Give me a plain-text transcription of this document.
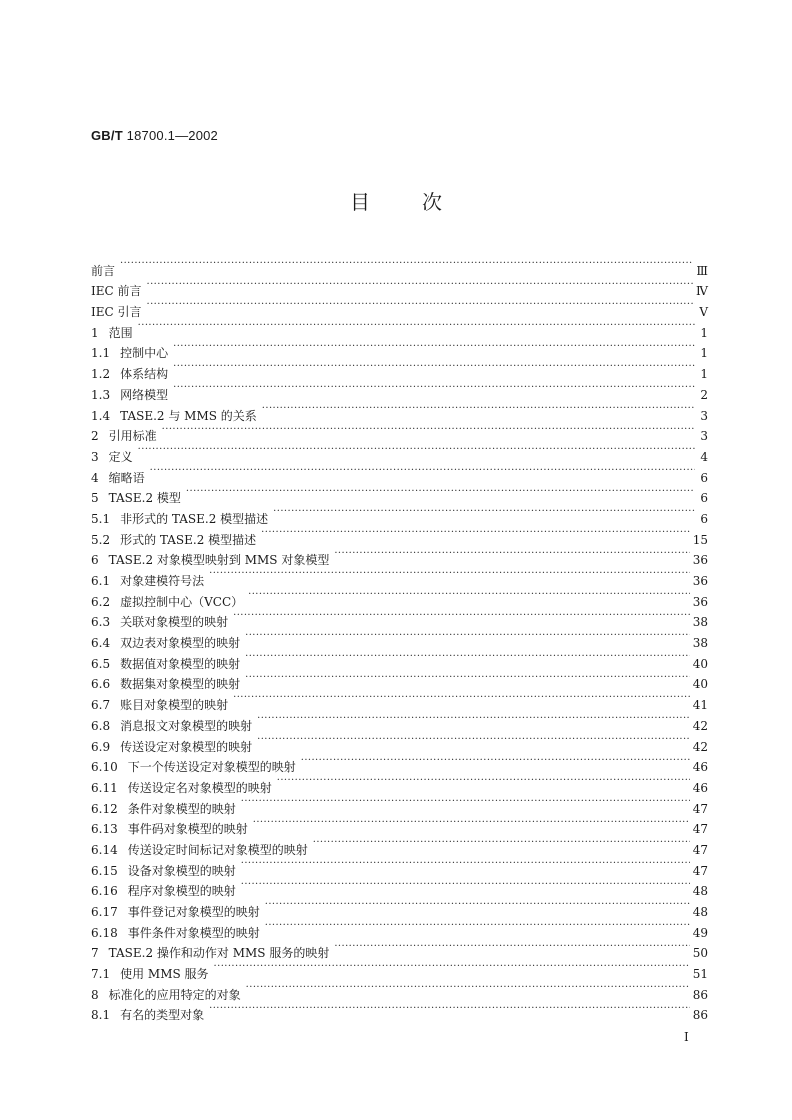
GB/T 18700.1—2002
目次
前言 ·····	Ⅲ
IEC 前言 ·····	Ⅳ
IEC 引言 ·····	Ⅴ
1 范围 ·····	1
1.1 控制中心 ·····	1
1.2 体系结构 ·····	1
1.3 网络模型 ·····	2
1.4 TASE.2 与 MMS 的关系 ·····	3
2 引用标准 ·····	3
3 定义 ·····	4
4 缩略语 ·····	6
5 TASE.2 模型 ·····	6
5.1 非形式的 TASE.2 模型描述 ·····	6
5.2 形式的 TASE.2 模型描述 ·····	15
6 TASE.2 对象模型映射到 MMS 对象模型 ·····	36
6.1 对象建模符号法 ·····	36
6.2 虚拟控制中心（VCC） ·····	36
6.3 关联对象模型的映射 ·····	38
6.4 双边表对象模型的映射 ·····	38
6.5 数据值对象模型的映射 ·····	40
6.6 数据集对象模型的映射 ·····	40
6.7 账目对象模型的映射 ·····	41
6.8 消息报文对象模型的映射 ·····	42
6.9 传送设定对象模型的映射 ·····	42
6.10 下一个传送设定对象模型的映射 ·····	46
6.11 传送设定名对象模型的映射 ·····	46
6.12 条件对象模型的映射 ·····	47
6.13 事件码对象模型的映射 ·····	47
6.14 传送设定时间标记对象模型的映射 ·····	47
6.15 设备对象模型的映射 ·····	47
6.16 程序对象模型的映射 ·····	48
6.17 事件登记对象模型的映射 ·····	48
6.18 事件条件对象模型的映射 ·····	49
7 TASE.2 操作和动作对 MMS 服务的映射 ·····	50
7.1 使用 MMS 服务 ·····	51
8 标准化的应用特定的对象 ·····	86
8.1 有名的类型对象 ·····	86
I
